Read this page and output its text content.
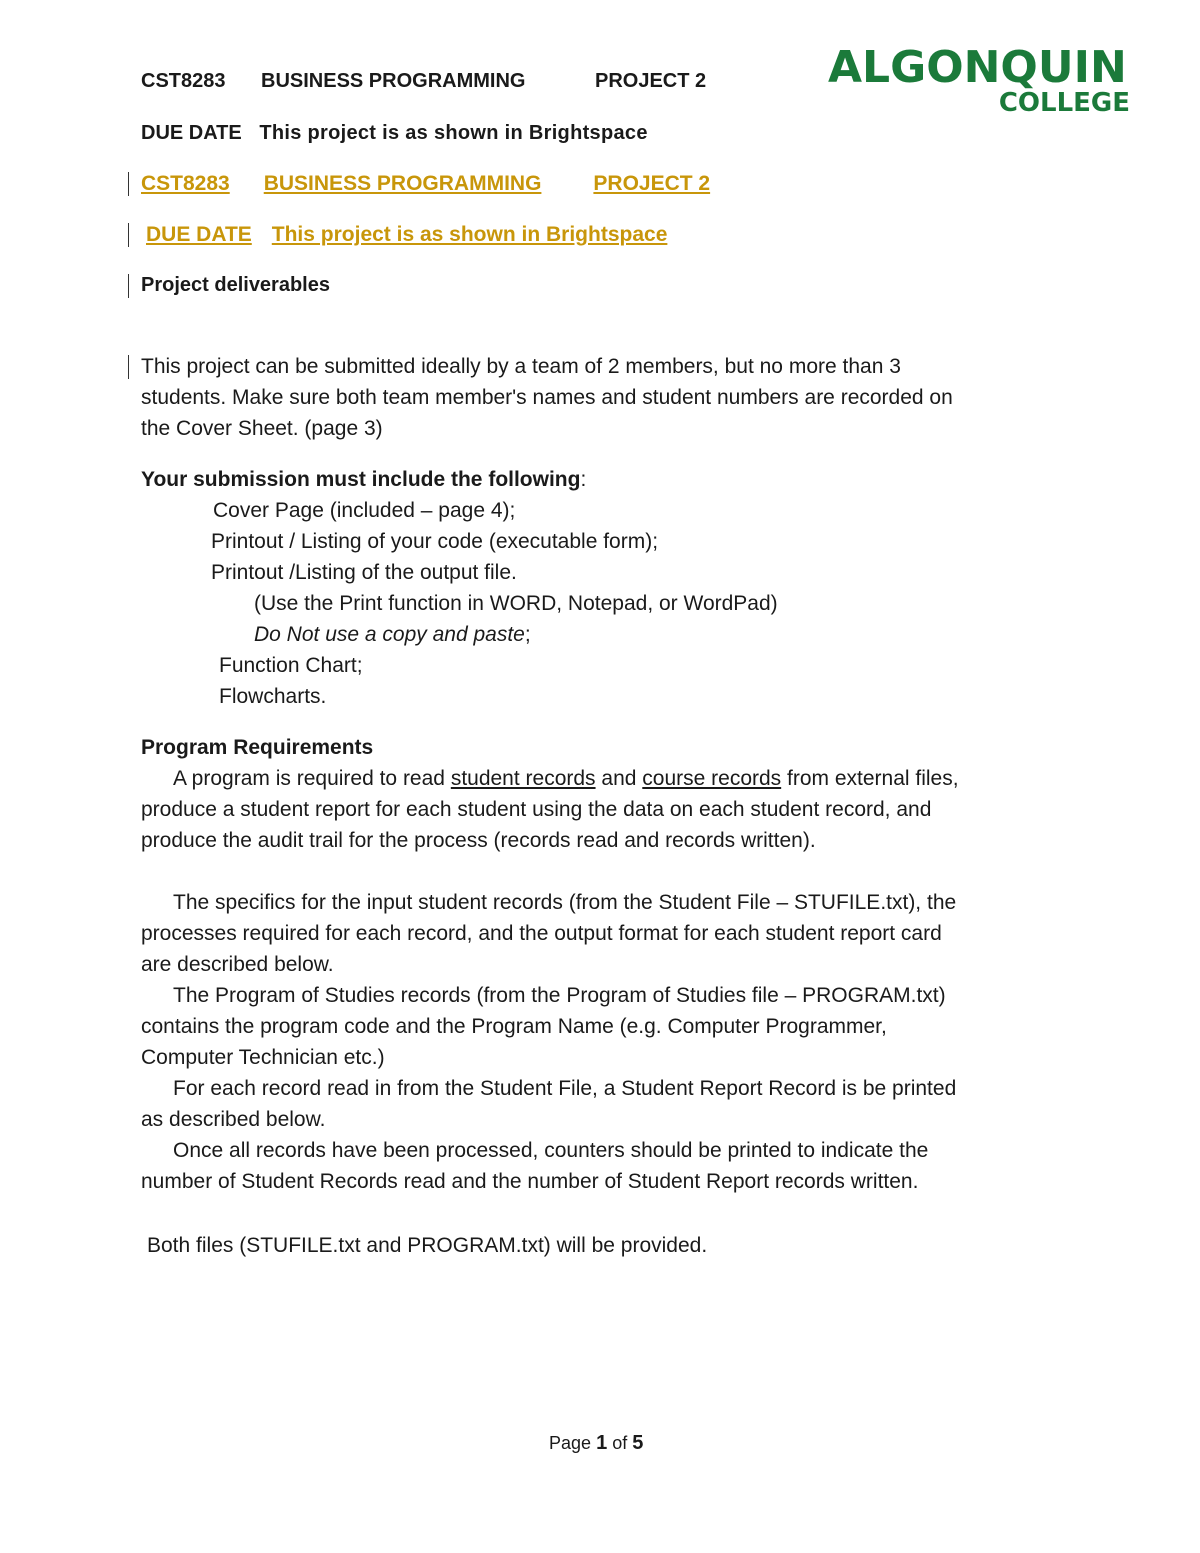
CST8283 BUSINESS PROGRAMMING	PROJECT 2
DUE DATE This project is as shown in Brightspace
ALGONQUIN
COLLEGE
CST8283 BUSINESS PROGRAMMING PROJECT 2
DUE DATE This project is as shown in Brightspace
Project deliverables
This project can be submitted ideally by a team of 2 members, but no more than 3
students. Make sure both team member's names and student numbers are recorded on
the Cover Sheet. (page 3)
Your submission must include the following:
Cover Page (included – page 4);
Printout / Listing of your code (executable form);
Printout /Listing of the output file.
(Use the Print function in WORD, Notepad, or WordPad)
Do Not use a copy and paste;
Function Chart;
Flowcharts.
Program Requirements
A program is required to read student records and course records from external files,
produce a student report for each student using the data on each student record, and
produce the audit trail for the process (records read and records written).
The specifics for the input student records (from the Student File – STUFILE.txt), the
processes required for each record, and the output format for each student report card
are described below.
The Program of Studies records (from the Program of Studies file – PROGRAM.txt)
contains the program code and the Program Name (e.g. Computer Programmer,
Computer Technician etc.)
For each record read in from the Student File, a Student Report Record is be printed
as described below.
Once all records have been processed, counters should be printed to indicate the
number of Student Records read and the number of Student Report records written.
Both files (STUFILE.txt and PROGRAM.txt) will be provided.
Page 1 of 5
